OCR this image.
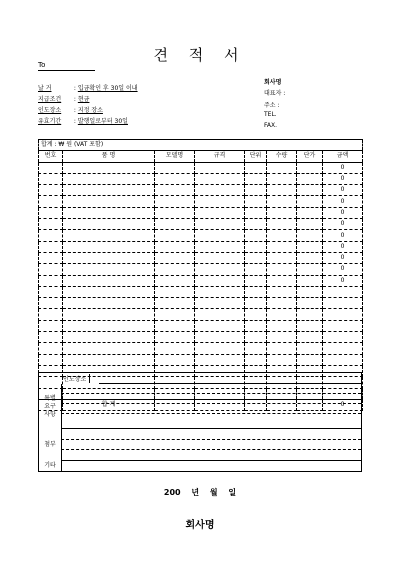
견 적 서
To
날 거	: 입금확인 후 30일 이내
지급조건 : 현금
인도장소 : 지정 장소
유효기간 : 발행일로부터 30일
회사명
대표자 :
주소 :
TEL.
FAX.
합계 : ₩ 원 (VAT 포함)							
번호	품 명	모델명	규격	단위	수량	단가	금액
							0
							0
							0
							0
							0
							0
							0
							0
							0
							0
							0

	합 계						0
인도장소
특별
요구
사항
첨부
기타
200 년 월 일
회사명
